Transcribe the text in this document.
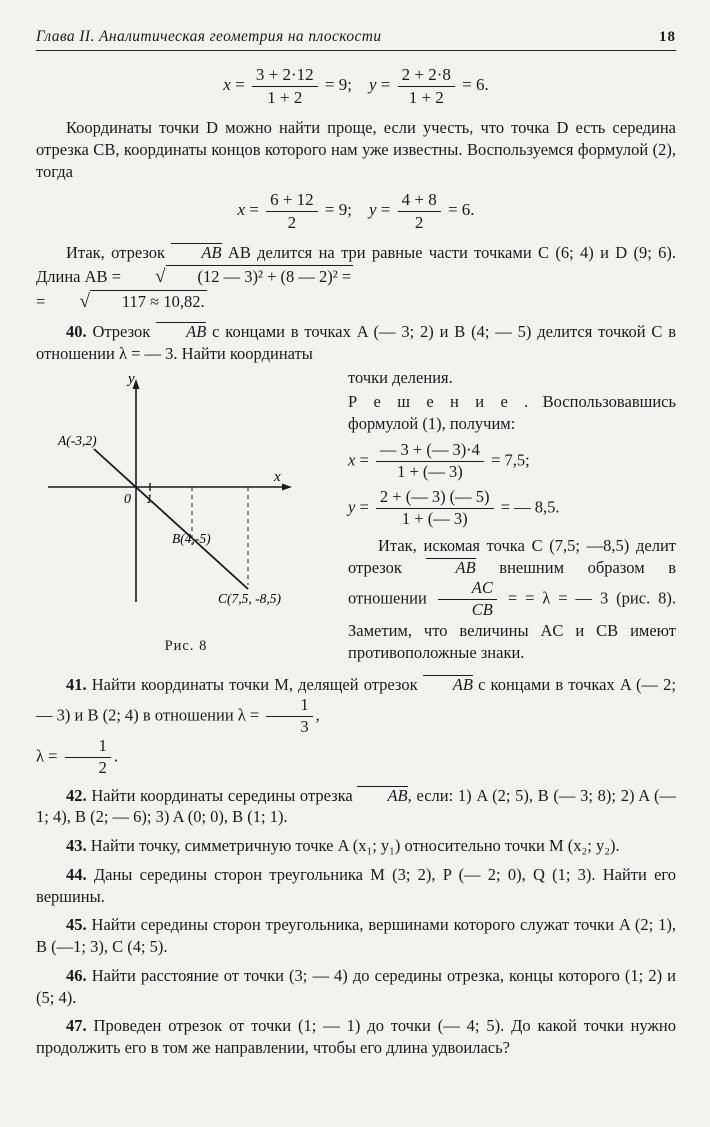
Глава II. Аналитическая геометрия на плоскости	18
$x = \frac{3 + 2\cdot 12}{1 + 2} = 9$; $y = \frac{2 + 2\cdot 8}{1 + 2} = 6$.

Координаты точки D можно найти проще, если учесть, что точка D есть середина отрезка CB, координаты концов которого нам уже известны. Воспользуемся формулой (2), тогда

$x = \frac{6 + 12}{2} = 9$; $y = \frac{4 + 8}{2} = 6$.

Итак, отрезок AB AB делится на три равные части точками C (6; 4) и D (9; 6). Длина AB = √ (12 — 3)² + (8 — 2)² =
= √ 117 ≈ 10,82.

40. Отрезок AB с концами в точках A (— 3; 2) и B (4; — 5) делится точкой C в отношении λ = — 3. Найти координаты

y
x
0 1
A(-3,2)
B(4,-5)
C(7,5, -8,5)
Рис. 8

точки деления.

Р е ш е н и е . Воспользовавшись формулой (1), получим:

$x = \frac{— 3 + (— 3)\cdot 4}{1 + (— 3)} = 7,5$;
$y = \frac{2 + (— 3) (— 5)}{1 + (— 3)}$ = — 8,5.

Итак, искомая точка C (7,5; —8,5) делит отрезок	AB внешним образом в отношении $\frac{AC}{CB}$ = = λ = — 3 (рис. 8). Заметим, что величины AC и CB имеют противоположные знаки.

41. Найти координаты точки M, делящей отрезок AB с концами в точках A (— 2; — 3) и B (2; 4) в отношении $\lambda = \frac{1}{3}$ ,
$\lambda = \frac{1}{2}$ .

42. Найти координаты середины отрезка AB, если: 1) A (2; 5), B (— 3; 8); 2) A (— 1; 4), B (2; — 6); 3) A (0; 0), B (1; 1).

43. Найти точку, симметричную точке A (x₁; y₁) относительно точки M (x₂; y₂).

44. Даны середины сторон треугольника M (3; 2), P (— 2; 0), Q (1; 3). Найти его вершины.

45. Найти середины сторон треугольника, вершинами которого служат точки A (2; 1), B (—1; 3), C (4; 5).

46. Найти расстояние от точки (3; — 4) до середины отрезка, концы которого (1; 2) и (5; 4).

47. Проведен отрезок от точки (1; — 1) до точки (— 4; 5). До какой точки нужно продолжить его в том же направлении, чтобы его длина удвоилась?
